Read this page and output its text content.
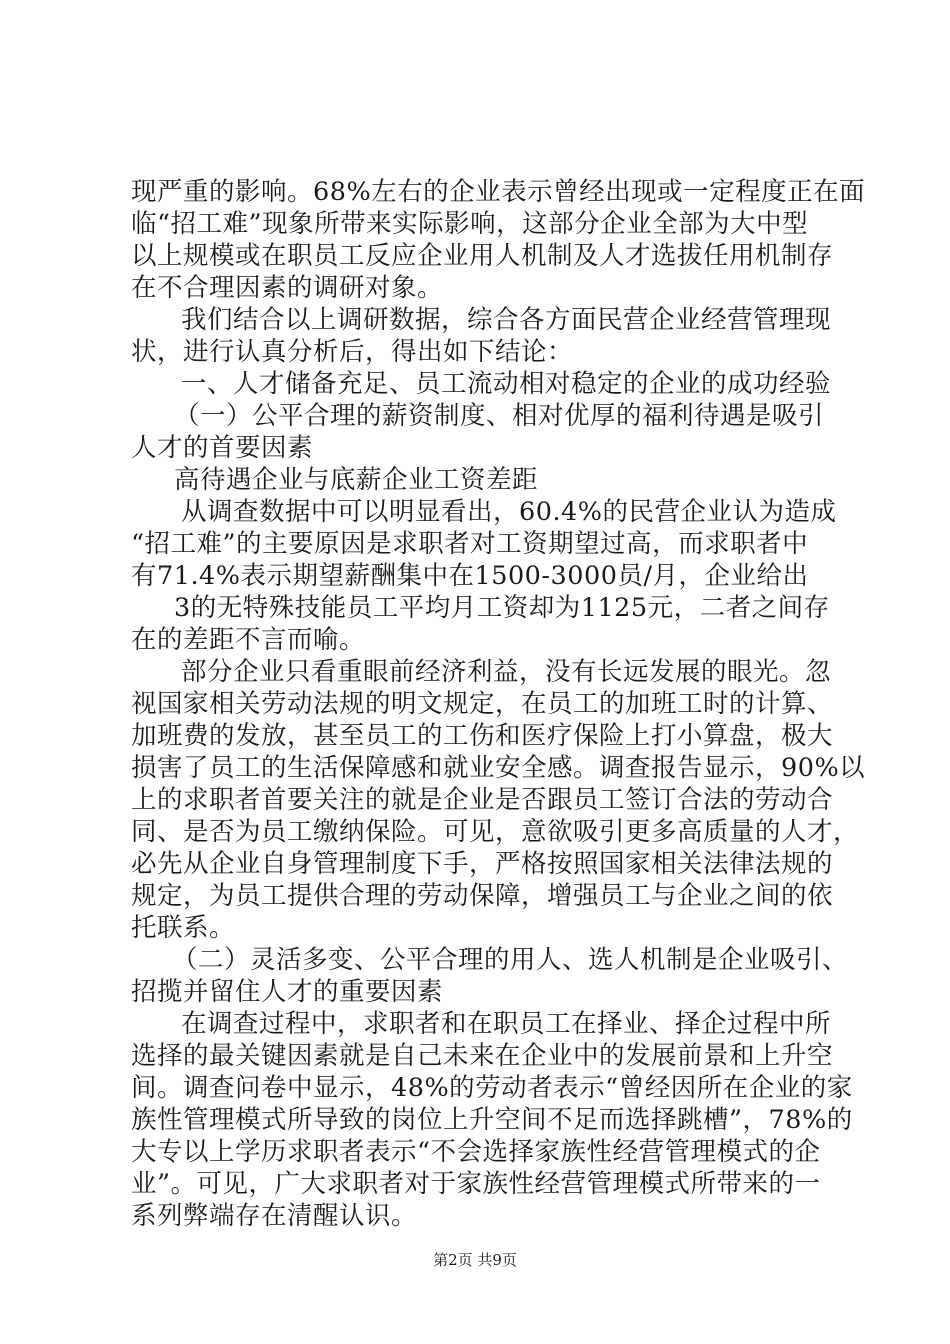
现严重的影响。68%左右的企业表示曾经出现或一定程度正在面
临“招工难”现象所带来实际影响，这部分企业全部为大中型
以上规模或在职员工反应企业用人机制及人才选拔任用机制存
在不合理因素的调研对象。
我们结合以上调研数据，综合各方面民营企业经营管理现
状，进行认真分析后，得出如下结论：
一、人才储备充足、员工流动相对稳定的企业的成功经验
（一）公平合理的薪资制度、相对优厚的福利待遇是吸引
人才的首要因素
高待遇企业与底薪企业工资差距
从调查数据中可以明显看出，60.4%的民营企业认为造成
“招工难”的主要原因是求职者对工资期望过高，而求职者中
有71.4%表示期望薪酬集中在1500-3000员/月，企业给出
3的无特殊技能员工平均月工资却为1125元，二者之间存
在的差距不言而喻。
部分企业只看重眼前经济利益，没有长远发展的眼光。忽
视国家相关劳动法规的明文规定，在员工的加班工时的计算、
加班费的发放，甚至员工的工伤和医疗保险上打小算盘，极大
损害了员工的生活保障感和就业安全感。调查报告显示，90%以
上的求职者首要关注的就是企业是否跟员工签订合法的劳动合
同、是否为员工缴纳保险。可见，意欲吸引更多高质量的人才，
必先从企业自身管理制度下手，严格按照国家相关法律法规的
规定，为员工提供合理的劳动保障，增强员工与企业之间的依
托联系。
（二）灵活多变、公平合理的用人、选人机制是企业吸引、
招揽并留住人才的重要因素
在调查过程中，求职者和在职员工在择业、择企过程中所
选择的最关键因素就是自己未来在企业中的发展前景和上升空
间。调查问卷中显示，48%的劳动者表示“曾经因所在企业的家
族性管理模式所导致的岗位上升空间不足而选择跳槽”，78%的
大专以上学历求职者表示“不会选择家族性经营管理模式的企
业”。可见，广大求职者对于家族性经营管理模式所带来的一
系列弊端存在清醒认识。
第2页 共9页
